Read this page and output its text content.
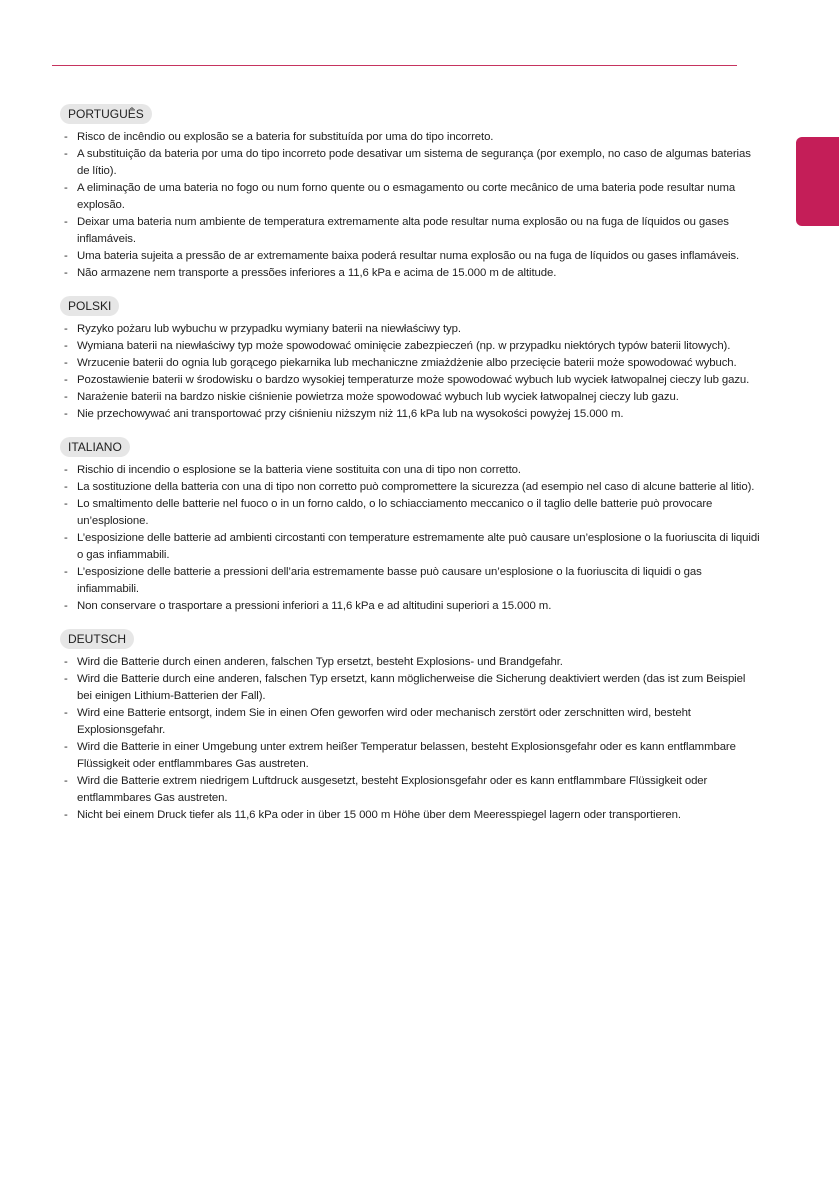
PORTUGUÊS
- Risco de incêndio ou explosão se a bateria for substituída por uma do tipo incorreto.
- A substituição da bateria por uma do tipo incorreto pode desativar um sistema de segurança (por exemplo, no caso de algumas baterias de lítio).
- A eliminação de uma bateria no fogo ou num forno quente ou o esmagamento ou corte mecânico de uma bateria pode resultar numa explosão.
- Deixar uma bateria num ambiente de temperatura extremamente alta pode resultar numa explosão ou na fuga de líquidos ou gases inflamáveis.
- Uma bateria sujeita a pressão de ar extremamente baixa poderá resultar numa explosão ou na fuga de líquidos ou gases inflamáveis.
- Não armazene nem transporte a pressões inferiores a 11,6 kPa e acima de 15.000 m de altitude.
POLSKI
- Ryzyko pożaru lub wybuchu w przypadku wymiany baterii na niewłaściwy typ.
- Wymiana baterii na niewłaściwy typ może spowodować ominięcie zabezpieczeń (np. w przypadku niektórych typów baterii litowych).
- Wrzucenie baterii do ognia lub gorącego piekarnika lub mechaniczne zmiażdżenie albo przecięcie baterii może spowodować wybuch.
- Pozostawienie baterii w środowisku o bardzo wysokiej temperaturze może spowodować wybuch lub wyciek łatwopalnej cieczy lub gazu.
- Narażenie baterii na bardzo niskie ciśnienie powietrza może spowodować wybuch lub wyciek łatwopalnej cieczy lub gazu.
- Nie przechowywać ani transportować przy ciśnieniu niższym niż 11,6 kPa lub na wysokości powyżej 15.000 m.
ITALIANO
- Rischio di incendio o esplosione se la batteria viene sostituita con una di tipo non corretto.
- La sostituzione della batteria con una di tipo non corretto può compromettere la sicurezza (ad esempio nel caso di alcune batterie al litio).
- Lo smaltimento delle batterie nel fuoco o in un forno caldo, o lo schiacciamento meccanico o il taglio delle batterie può provocare un’esplosione.
- L’esposizione delle batterie ad ambienti circostanti con temperature estremamente alte può causare un’esplosione o la fuoriuscita di liquidi o gas infiammabili.
- L’esposizione delle batterie a pressioni dell’aria estremamente basse può causare un’esplosione o la fuoriuscita di liquidi o gas infiammabili.
- Non conservare o trasportare a pressioni inferiori a 11,6 kPa e ad altitudini superiori a 15.000 m.
DEUTSCH
- Wird die Batterie durch einen anderen, falschen Typ ersetzt, besteht Explosions- und Brandgefahr.
- Wird die Batterie durch eine anderen, falschen Typ ersetzt, kann möglicherweise die Sicherung deaktiviert werden (das ist zum Beispiel bei einigen Lithium-Batterien der Fall).
- Wird eine Batterie entsorgt, indem Sie in einen Ofen geworfen wird oder mechanisch zerstört oder zerschnitten wird, besteht Explosionsgefahr.
- Wird die Batterie in einer Umgebung unter extrem heißer Temperatur belassen, besteht Explosionsgefahr oder es kann entflammbare Flüssigkeit oder entflammbares Gas austreten.
- Wird die Batterie extrem niedrigem Luftdruck ausgesetzt, besteht Explosionsgefahr oder es kann entflammbare Flüssigkeit oder entflammbares Gas austreten.
- Nicht bei einem Druck tiefer als 11,6 kPa oder in über 15 000 m Höhe über dem Meeresspiegel lagern oder transportieren.
